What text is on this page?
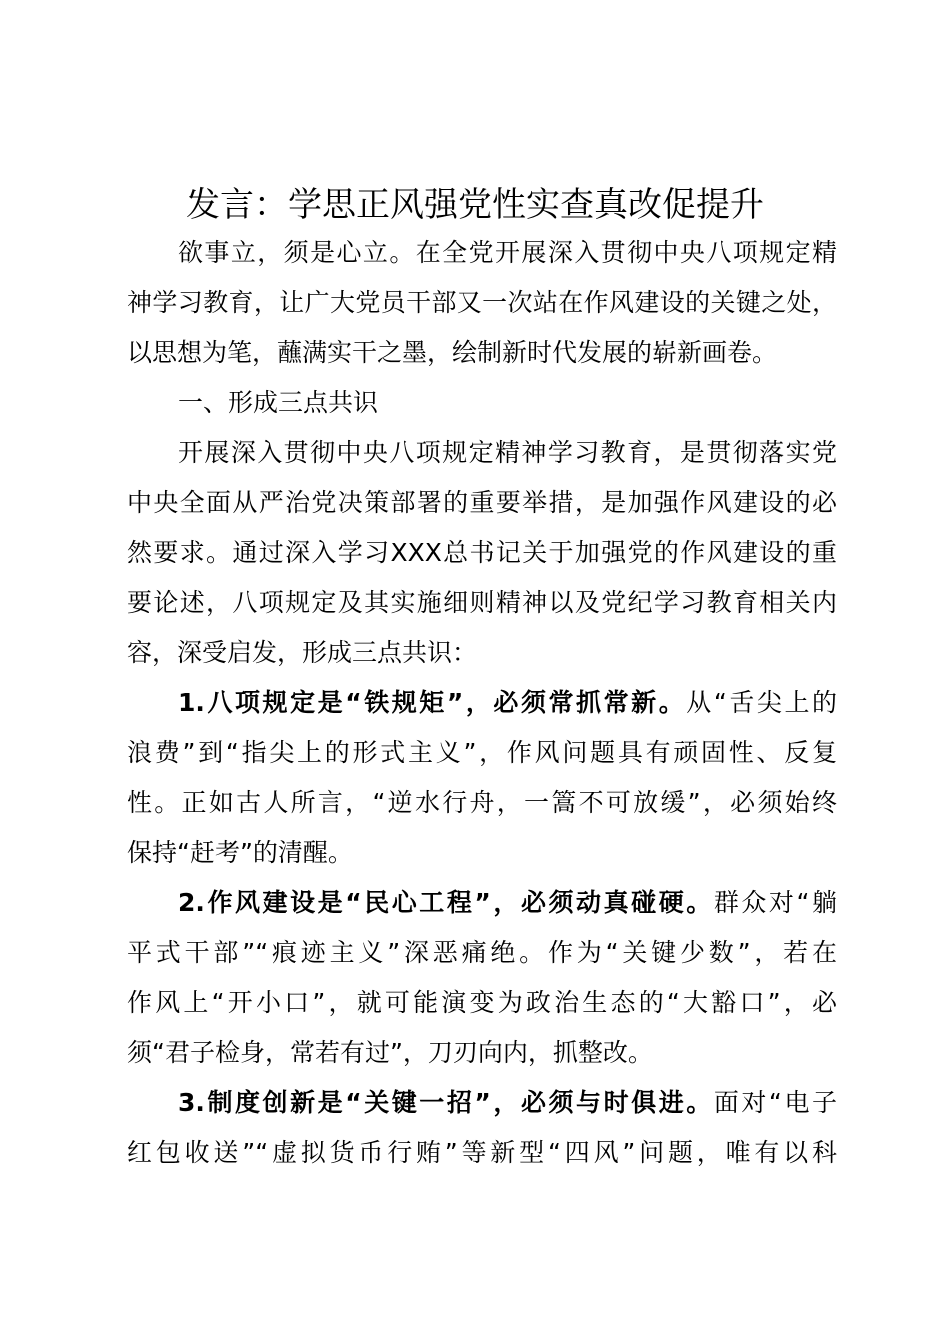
发言：学思正风强党性实查真改促提升
欲事立，须是心立。在全党开展深入贯彻中央八项规定精
神学习教育，让广大党员干部又一次站在作风建设的关键之处，
以思想为笔，蘸满实干之墨，绘制新时代发展的崭新画卷。
一、形成三点共识
开展深入贯彻中央八项规定精神学习教育，是贯彻落实党
中央全面从严治党决策部署的重要举措，是加强作风建设的必
然要求。通过深入学习XXX总书记关于加强党的作风建设的重
要论述，八项规定及其实施细则精神以及党纪学习教育相关内
容，深受启发，形成三点共识：
1.八项规定是“铁规矩”，必须常抓常新。从“舌尖上的
浪费”到“指尖上的形式主义”，作风问题具有顽固性、反复
性。正如古人所言，“逆水行舟，一篙不可放缓”，必须始终
保持“赶考”的清醒。
2.作风建设是“民心工程”，必须动真碰硬。群众对“躺
平式干部”“痕迹主义”深恶痛绝。作为“关键少数”，若在
作风上“开小口”，就可能演变为政治生态的“大豁口”，必
须“君子检身，常若有过”，刀刃向内，抓整改。
3.制度创新是“关键一招”，必须与时俱进。面对“电子
红包收送”“虚拟货币行贿”等新型“四风”问题，唯有以科
